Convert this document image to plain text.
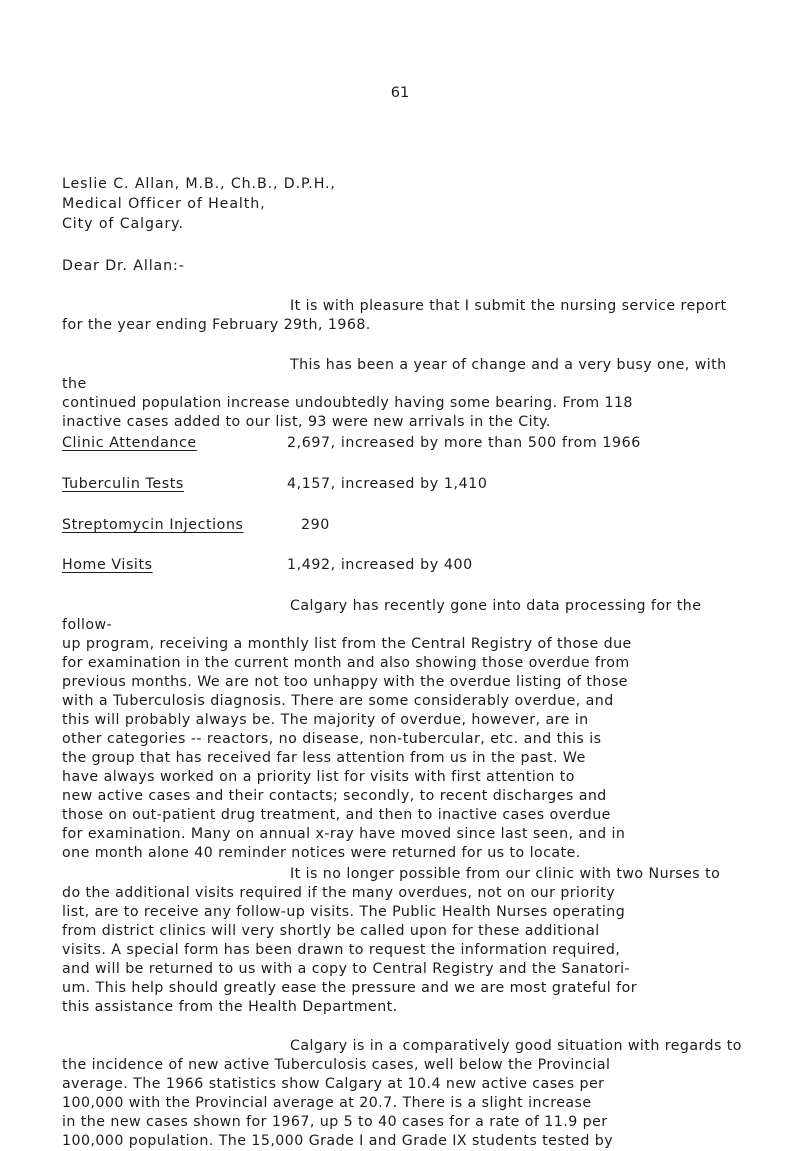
61
Leslie C. Allan, M.B., Ch.B., D.P.H.,
Medical Officer of Health,
City of Calgary.
Dear Dr. Allan:-
It is with pleasure that I submit the nursing service report
for the year ending February 29th, 1968.
This has been a year of change and a very busy one, with the
continued population increase undoubtedly having some bearing. From 118
inactive cases added to our list, 93 were new arrivals in the City.
Clinic Attendance	2,697, increased by more than 500 from 1966
Tuberculin Tests	4,157, increased by 1,410
Streptomycin Injections	290
Home Visits	1,492, increased by 400
Calgary has recently gone into data processing for the follow-
up program, receiving a monthly list from the Central Registry of those due
for examination in the current month and also showing those overdue from
previous months. We are not too unhappy with the overdue listing of those
with a Tuberculosis diagnosis. There are some considerably overdue, and
this will probably always be. The majority of overdue, however, are in
other categories -- reactors, no disease, non-tubercular, etc. and this is
the group that has received far less attention from us in the past. We
have always worked on a priority list for visits with first attention to
new active cases and their contacts; secondly, to recent discharges and
those on out-patient drug treatment, and then to inactive cases overdue
for examination. Many on annual x-ray have moved since last seen, and in
one month alone 40 reminder notices were returned for us to locate.
It is no longer possible from our clinic with two Nurses to
do the additional visits required if the many overdues, not on our priority
list, are to receive any follow-up visits. The Public Health Nurses operating
from district clinics will very shortly be called upon for these additional
visits. A special form has been drawn to request the information required,
and will be returned to us with a copy to Central Registry and the Sanatori-
um. This help should greatly ease the pressure and we are most grateful for
this assistance from the Health Department.
Calgary is in a comparatively good situation with regards to
the incidence of new active Tuberculosis cases, well below the Provincial
average. The 1966 statistics show Calgary at 10.4 new active cases per
100,000 with the Provincial average at 20.7. There is a slight increase
in the new cases shown for 1967, up 5 to 40 cases for a rate of 11.9 per
100,000 population. The 15,000 Grade I and Grade IX students tested by
